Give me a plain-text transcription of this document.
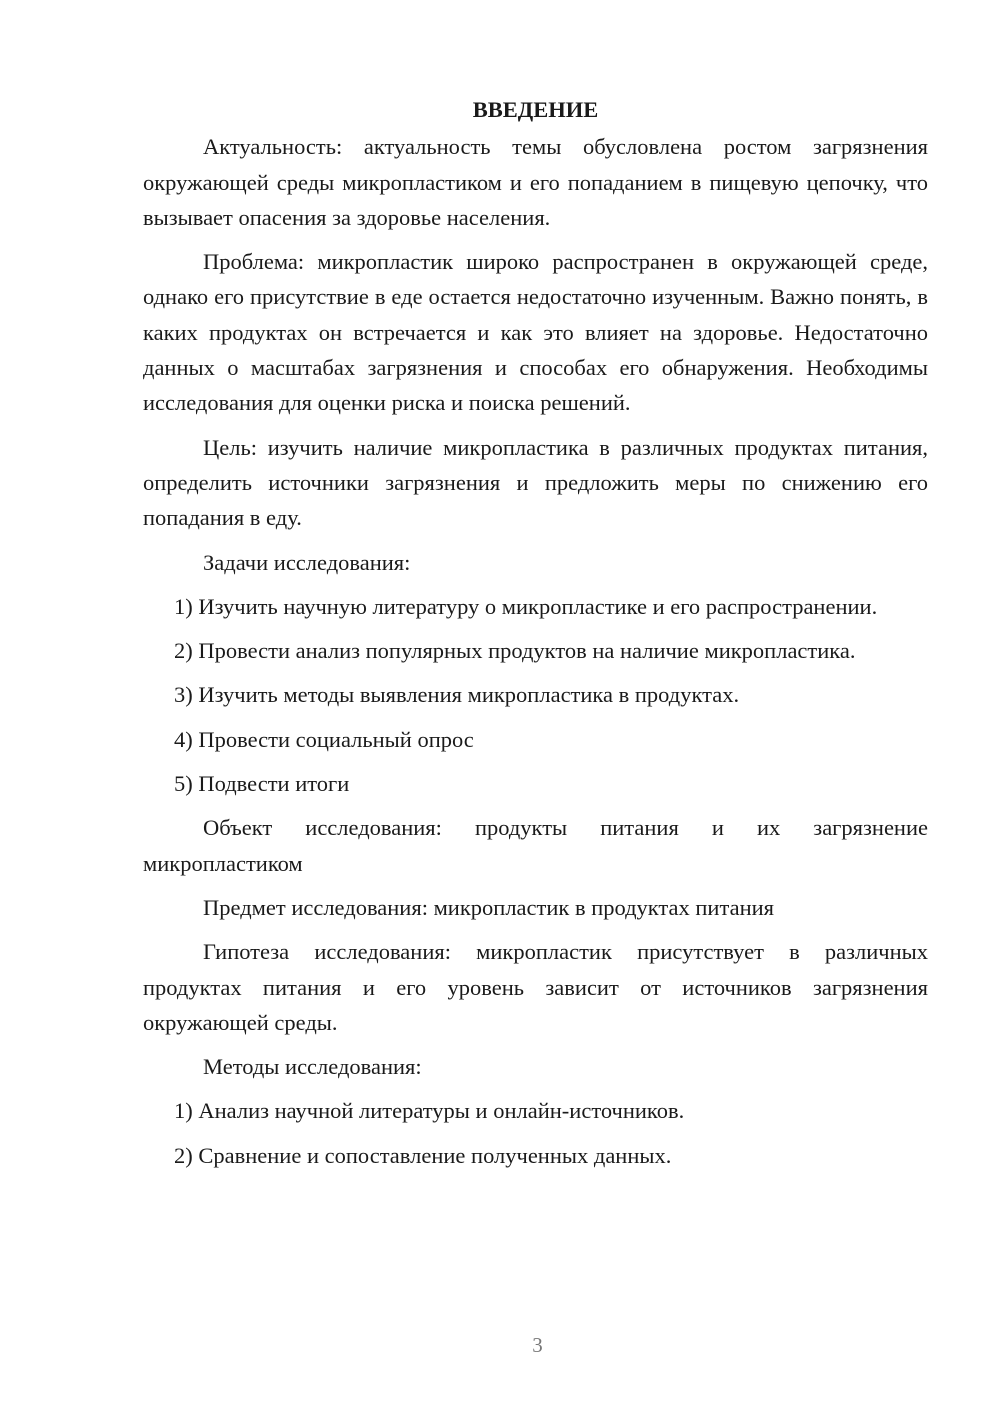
ВВЕДЕНИЕ

Актуальность: актуальность темы обусловлена ростом загрязнения окружающей среды микропластиком и его попаданием в пищевую цепочку, что вызывает опасения за здоровье населения.

Проблема: микропластик широко распространен в окружающей среде, однако его присутствие в еде остается недостаточно изученным. Важно понять, в каких продуктах он встречается и как это влияет на здоровье. Недостаточно данных о масштабах загрязнения и способах его обнаружения. Необходимы исследования для оценки риска и поиска решений.

Цель: изучить наличие микропластика в различных продуктах питания, определить источники загрязнения и предложить меры по снижению его попадания в еду.

Задачи исследования:

1) Изучить научную литературу о микропластике и его распространении.

2) Провести анализ популярных продуктов на наличие микропластика.

3) Изучить методы выявления микропластика в продуктах.

4) Провести социальный опрос

5) Подвести итоги

Объект исследования: продукты питания и их загрязнение микропластиком

Предмет исследования: микропластик в продуктах питания

Гипотеза исследования: микропластик присутствует в различных продуктах питания и его уровень зависит от источников загрязнения окружающей среды.

Методы исследования:

1) Анализ научной литературы и онлайн-источников.

2) Сравнение и сопоставление полученных данных.

3
